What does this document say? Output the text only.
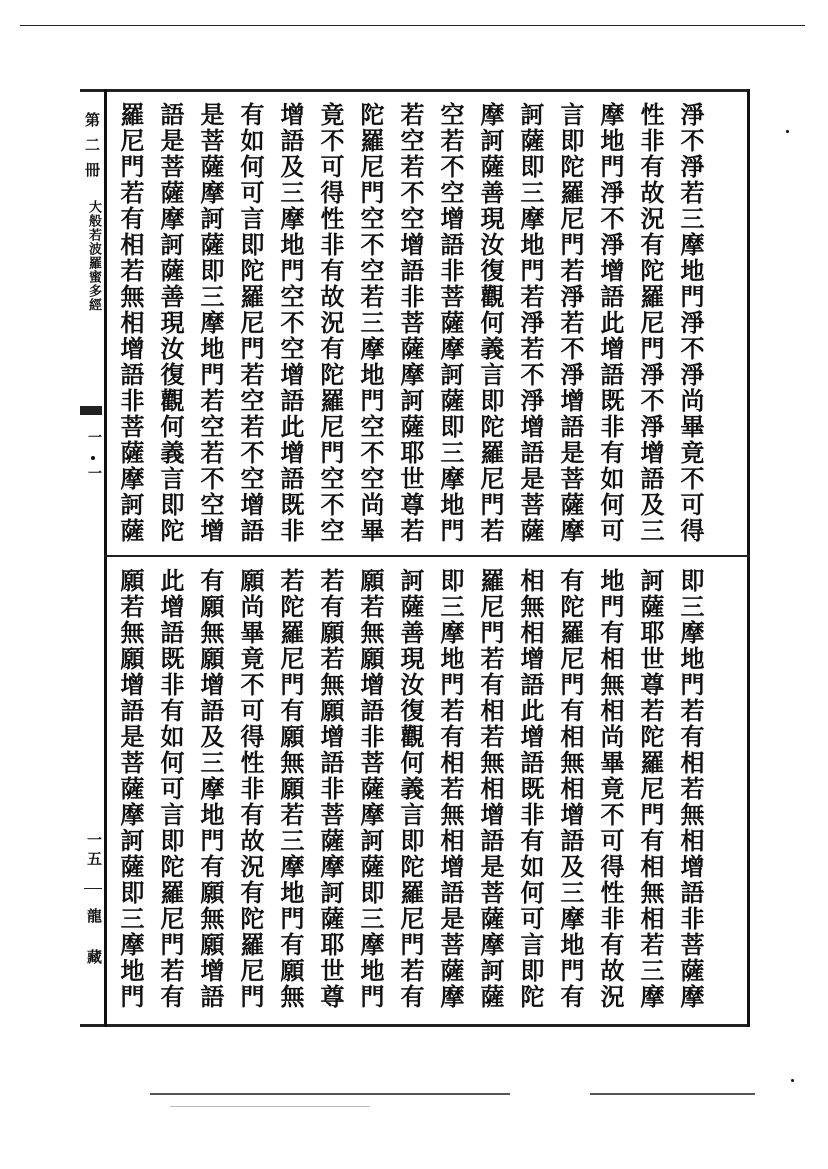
第二冊
大般若波羅蜜多經
一
一
一五
龍 藏
淨不淨若三摩地門淨不淨尚畢竟不可得
性非有故況有陀羅尼門淨不淨增語及三
摩地門淨不淨增語此增語既非有如何可
言即陀羅尼門若淨若不淨增語是菩薩摩
訶薩即三摩地門若淨若不淨增語是菩薩
摩訶薩善現汝復觀何義言即陀羅尼門若
空若不空增語非菩薩摩訶薩即三摩地門
若空若不空增語非菩薩摩訶薩耶世尊若
陀羅尼門空不空若三摩地門空不空尚畢
竟不可得性非有故況有陀羅尼門空不空
增語及三摩地門空不空增語此增語既非
有如何可言即陀羅尼門若空若不空增語
是菩薩摩訶薩即三摩地門若空若不空增
語是菩薩摩訶薩善現汝復觀何義言即陀
羅尼門若有相若無相增語非菩薩摩訶薩
即三摩地門若有相若無相增語非菩薩摩
訶薩耶世尊若陀羅尼門有相無相若三摩
地門有相無相尚畢竟不可得性非有故況
有陀羅尼門有相無相增語及三摩地門有
相無相增語此增語既非有如何可言即陀
羅尼門若有相若無相增語是菩薩摩訶薩
即三摩地門若有相若無相增語是菩薩摩
訶薩善現汝復觀何義言即陀羅尼門若有
願若無願增語非菩薩摩訶薩即三摩地門
若有願若無願增語非菩薩摩訶薩耶世尊
若陀羅尼門有願無願若三摩地門有願無
願尚畢竟不可得性非有故況有陀羅尼門
有願無願增語及三摩地門有願無願增語
此增語既非有如何可言即陀羅尼門若有
願若無願增語是菩薩摩訶薩即三摩地門
